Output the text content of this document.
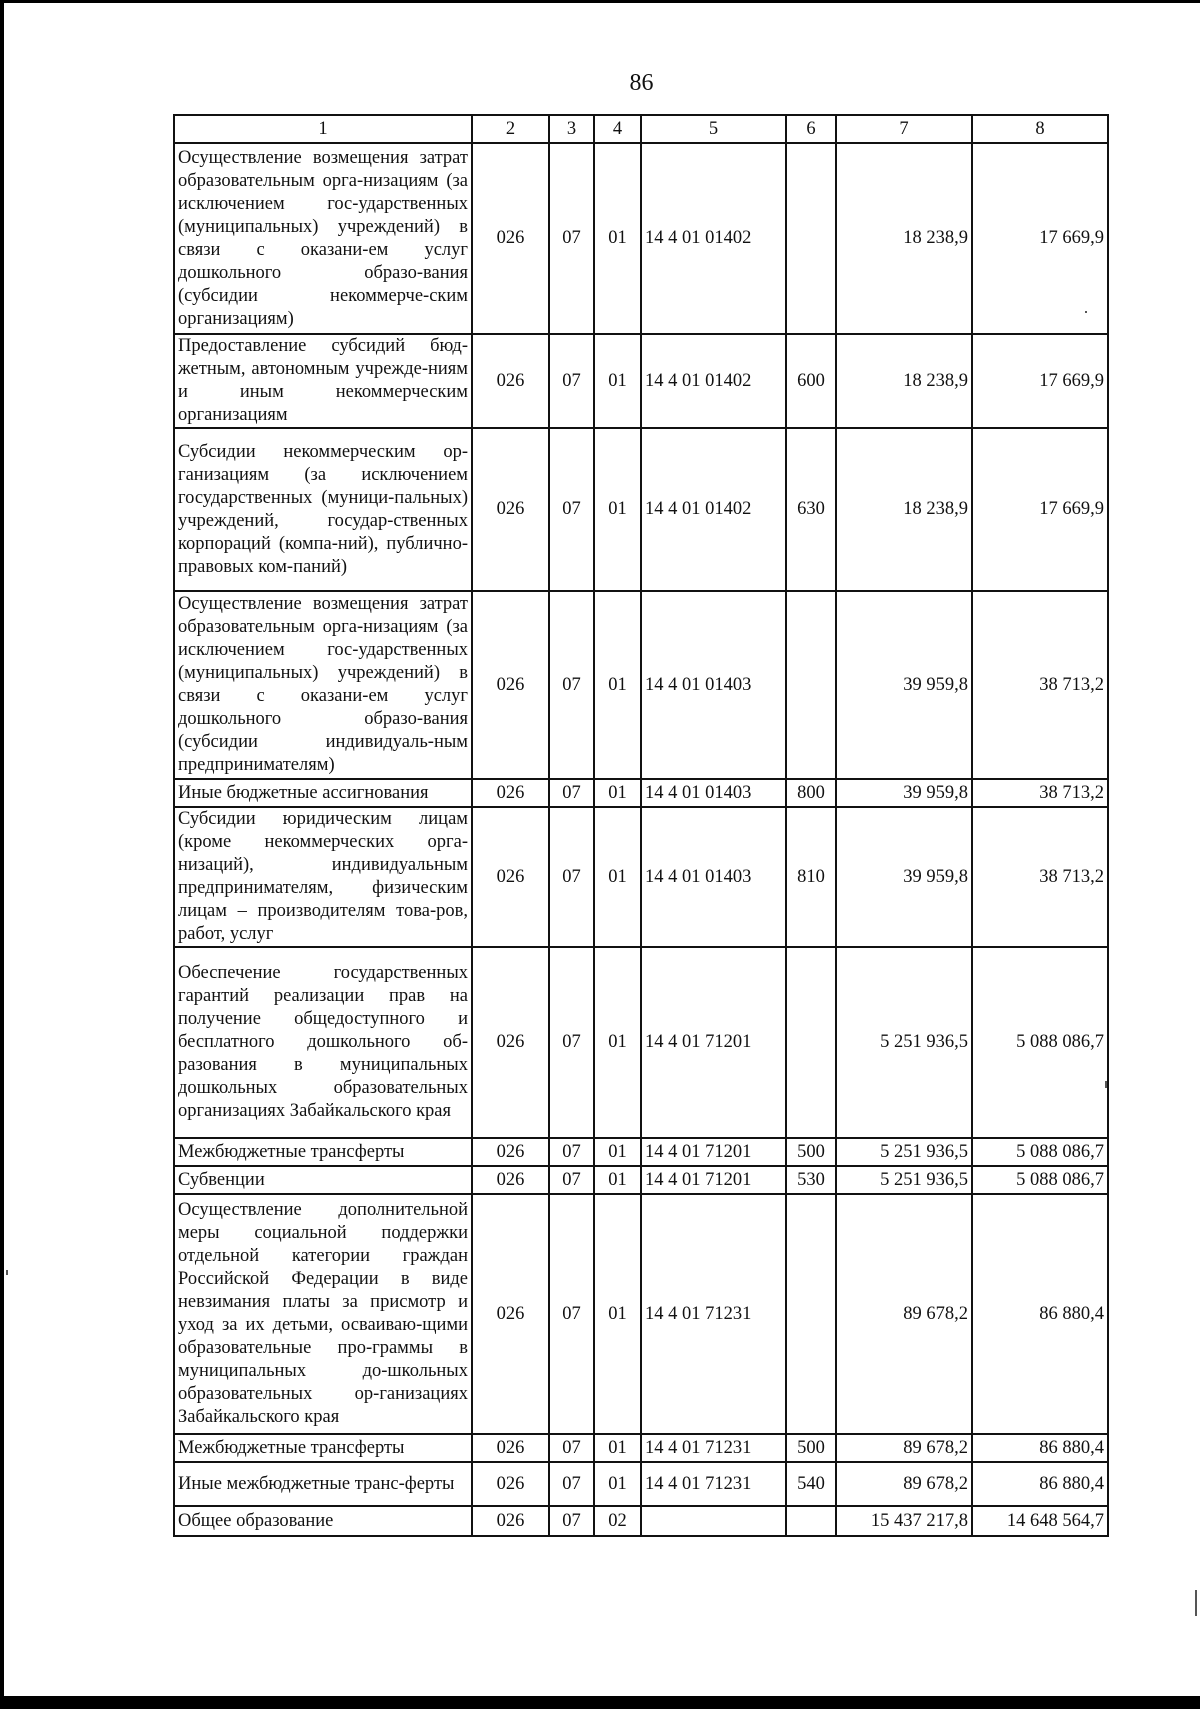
86
1	2	3	4	5	6	7	8
Осуществление возмещения затрат образовательным орга-низациям (за исключением гос-ударственных (муниципальных) учреждений) в связи с оказани-ем услуг дошкольного образо-вания (субсидии некоммерче-ским организациям)	026	07	01	14 4 01 01402		18 238,9	17 669,9
Предоставление субсидий бюд-жетным, автономным учрежде-ниям и иным некоммерческим организациям	026	07	01	14 4 01 01402	600	18 238,9	17 669,9
Субсидии некоммерческим ор-ганизациям (за исключением государственных (муници-пальных) учреждений, государ-ственных корпораций (компа-ний), публично-правовых ком-паний)	026	07	01	14 4 01 01402	630	18 238,9	17 669,9
Осуществление возмещения затрат образовательным орга-низациям (за исключением гос-ударственных (муниципальных) учреждений) в связи с оказани-ем услуг дошкольного образо-вания (субсидии индивидуаль-ным предпринимателям)	026	07	01	14 4 01 01403		39 959,8	38 713,2
Иные бюджетные ассигнования	026	07	01	14 4 01 01403	800	39 959,8	38 713,2
Субсидии юридическим лицам (кроме некоммерческих орга-низаций), индивидуальным предпринимателям, физическим лицам – производителям това-ров, работ, услуг	026	07	01	14 4 01 01403	810	39 959,8	38 713,2
Обеспечение государственных гарантий реализации прав на получение общедоступного и бесплатного дошкольного об-разования в муниципальных дошкольных образовательных организациях Забайкальского края	026	07	01	14 4 01 71201		5 251 936,5	5 088 086,7
Межбюджетные трансферты	026	07	01	14 4 01 71201	500	5 251 936,5	5 088 086,7
Субвенции	026	07	01	14 4 01 71201	530	5 251 936,5	5 088 086,7
Осуществление дополнительной меры социальной поддержки отдельной категории граждан Российской Федерации в виде невзимания платы за присмотр и уход за их детьми, осваиваю-щими образовательные про-граммы в муниципальных до-школьных образовательных ор-ганизациях Забайкальского края	026	07	01	14 4 01 71231		89 678,2	86 880,4
Межбюджетные трансферты	026	07	01	14 4 01 71231	500	89 678,2	86 880,4
Иные межбюджетные транс-ферты	026	07	01	14 4 01 71231	540	89 678,2	86 880,4
Общее образование	026	07	02			15 437 217,8	14 648 564,7
